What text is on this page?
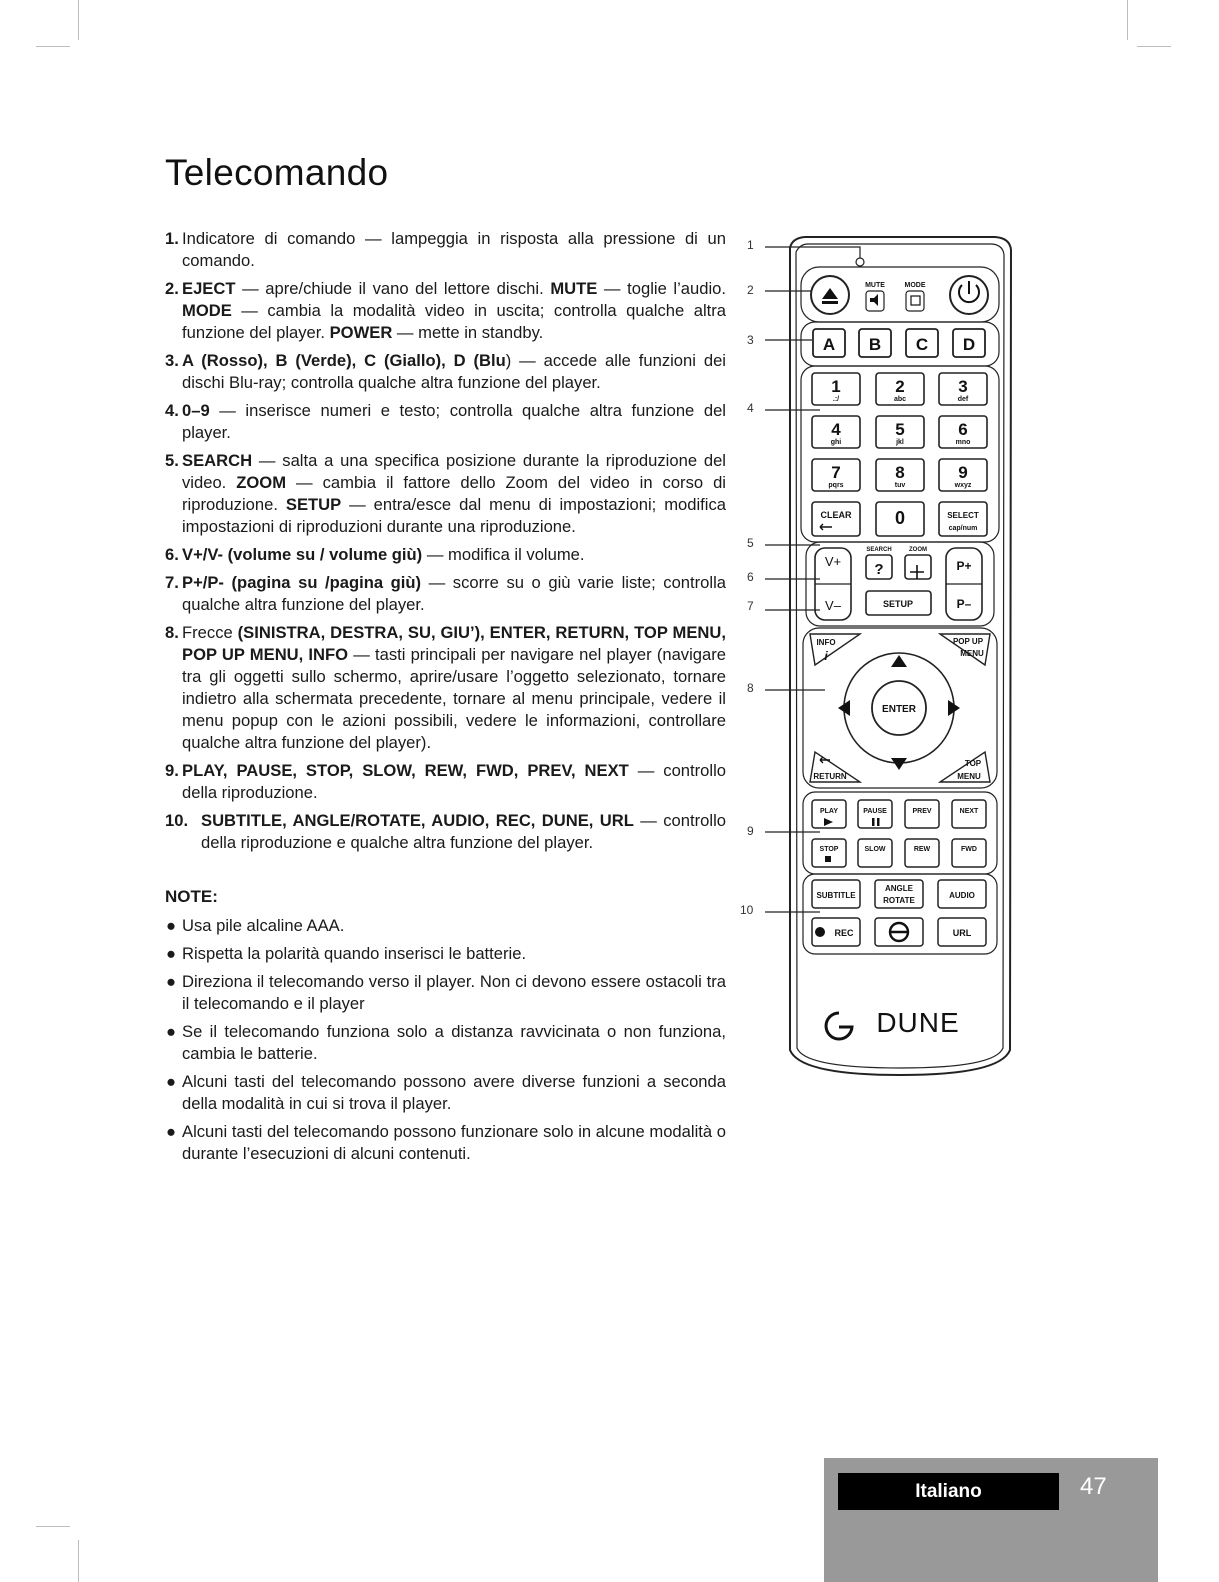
Telecomando
1. Indicatore di comando — lampeggia in risposta alla pressione di un comando.
2. EJECT — apre/chiude il vano del lettore dischi. MUTE — toglie l’audio. MODE — cambia la modalità video in uscita; controlla qualche altra funzione del player. POWER — mette in standby.
3. A (Rosso), B (Verde), C (Giallo), D (Blu) — accede alle funzioni dei dischi Blu-ray; controlla qualche altra funzione del player.
4. 0–9 — inserisce numeri e testo; controlla qualche altra funzione del player.
5. SEARCH — salta a una specifica posizione durante la riproduzione del video. ZOOM — cambia il fattore dello Zoom del video in corso di riproduzione. SETUP — entra/esce dal menu di impostazioni; modifica impostazioni di riproduzioni durante una riproduzione.
6. V+/V- (volume su / volume giù) — modifica il volume.
7. P+/P- (pagina su /pagina giù) — scorre su o giù varie liste; controlla qualche altra funzione del player.
8. Frecce (SINISTRA, DESTRA, SU, GIU’), ENTER, RETURN, TOP MENU, POP UP MENU, INFO — tasti principali per navigare nel player (navigare tra gli oggetti sullo schermo, aprire/usare l’oggetto selezionato, tornare indietro alla schermata precedente, tornare al menu principale, vedere il menu popup con le azioni possibili, vedere le informazioni, controllare qualche altra funzione del player).
9. PLAY, PAUSE, STOP, SLOW, REW, FWD, PREV, NEXT — controllo della riproduzione.
10. SUBTITLE, ANGLE/ROTATE, AUDIO, REC, DUNE, URL — controllo della riproduzione e qualche altra funzione del player.
NOTE:
● Usa pile alcaline AAA.
● Rispetta la polarità quando inserisci le batterie.
● Direziona il telecomando verso il player. Non ci devono essere ostacoli tra il telecomando e il player
● Se il telecomando funziona solo a distanza ravvicinata o non funziona, cambia le batterie.
● Alcuni tasti del telecomando possono avere diverse funzioni a seconda della modalità in cui si trova il player.
● Alcuni tasti del telecomando possono funzionare solo in alcune modalità o durante l’esecuzioni di alcuni contenuti.
1
2
3
4
5
6
7
8
9
10
MUTE	MODE
A B C D
1
.:/
2
abc
3
def
4
ghi
5
jkl
6
mno
7
pqrs
8
tuv
9
wxyz
CLEAR 0	SELECT
cap/num
V+
V–
SEARCH	ZOOM
?
SETUP
P+
P–
INFO
i
POP UP
MENU
ENTER
RETURN
TOP
MENU
PLAY	PAUSE	PREV	NEXT
STOP	SLOW	REW	FWD
SUBTITLE
ANGLE
ROTATE
AUDIO
REC	URL
DUNE
Italiano	47
